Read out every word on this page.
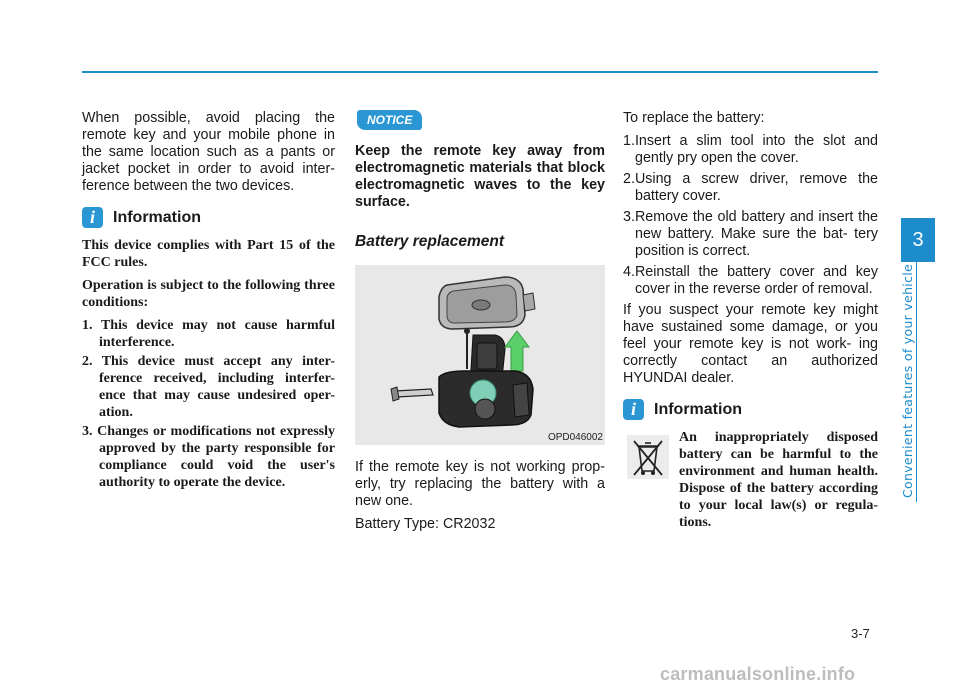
When possible, avoid placing the remote key and your mobile phone in the same location such as a pants or jacket pocket in order to avoid inter- ference between the two devices.

i	Information

This device complies with Part 15 of the FCC rules.

Operation is subject to the following three conditions:

1. This device may not cause harmful interference.

2. This device must accept any inter- ference received, including interfer- ence that may cause undesired oper- ation.

3. Changes or modifications not expressly approved by the party responsible for compliance could void the user's authority to operate the device.

NOTICE

Keep the remote key away from electromagnetic materials that block electromagnetic waves to the key surface.

Battery replacement
OPD046002

If the remote key is not working prop- erly, try replacing the battery with a new one.

Battery Type: CR2032

To replace the battery:

1.Insert a slim tool into the slot and gently pry open the cover.

2.Using a screw driver, remove the battery cover.

3.Remove the old battery and insert the new battery. Make sure the bat- tery position is correct.

4.Reinstall the battery cover and key cover in the reverse order of removal.

If you suspect your remote key might have sustained some damage, or you feel your remote key is not work- ing correctly contact an authorized HYUNDAI dealer.

i	Information

An inappropriately disposed battery can be harmful to the environment and human health. Dispose of the battery according to your local law(s) or regula- tions.

3
Convenient features of your vehicle
3-7
carmanualsonline.info
